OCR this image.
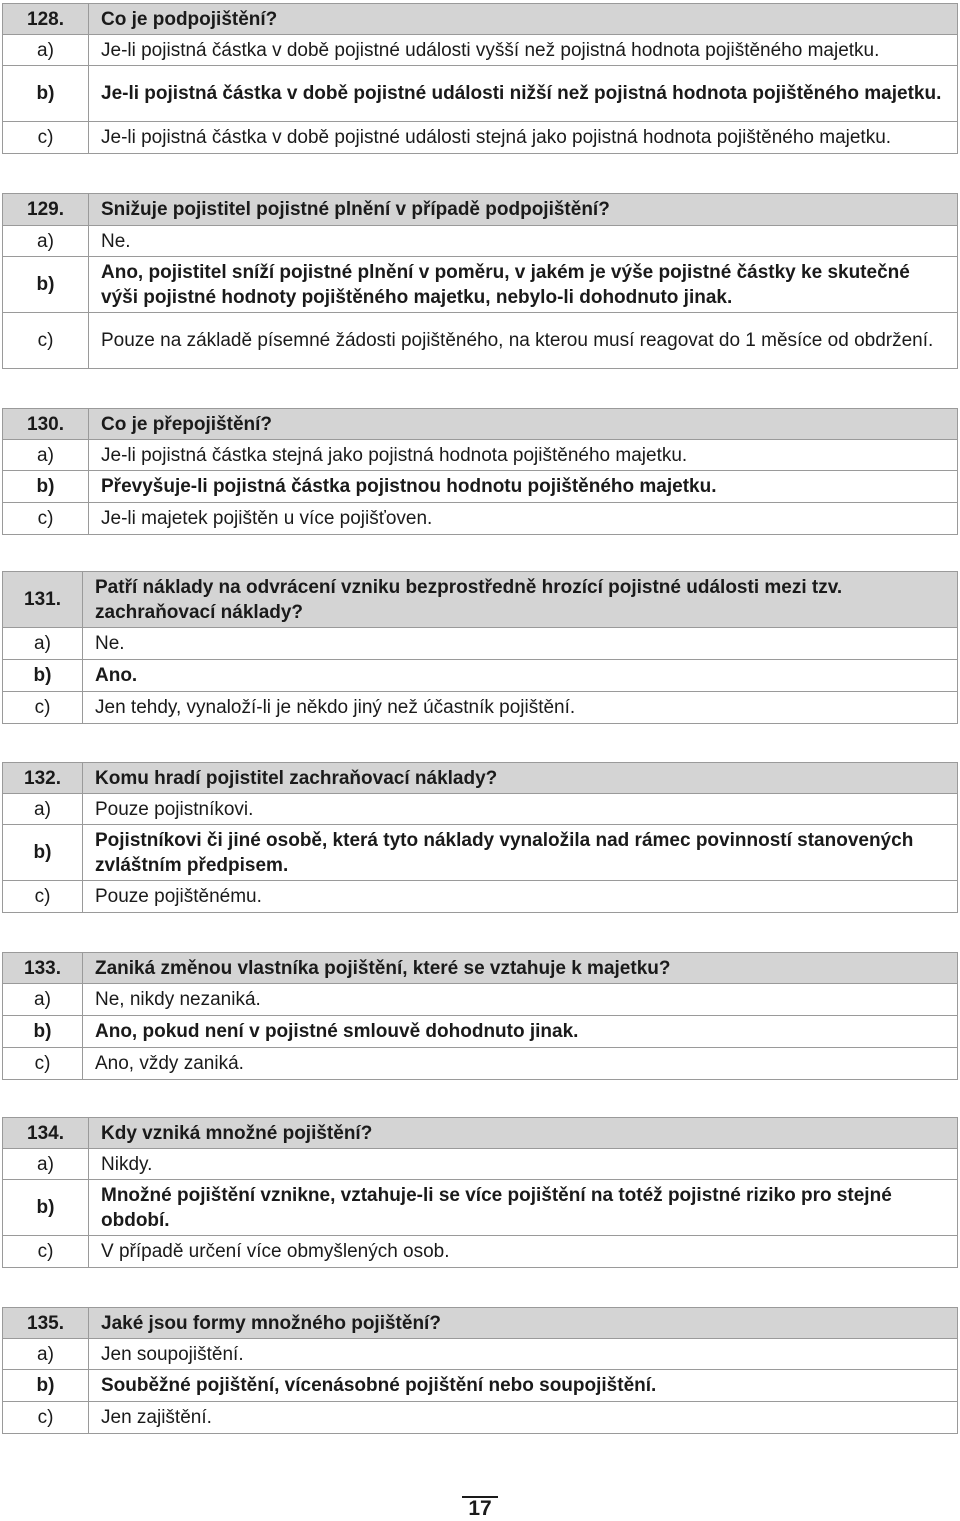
128.	Co je podpojištění?
a)	Je-li pojistná částka v době pojistné události vyšší než pojistná hodnota pojištěného majetku.
b)	Je-li pojistná částka v době pojistné události nižší než pojistná hodnota pojištěného majetku.
c)	Je-li pojistná částka v době pojistné události stejná jako pojistná hodnota pojištěného majetku.
129.	Snižuje pojistitel pojistné plnění v případě podpojištění?
a)	Ne.
b)	Ano, pojistitel sníží pojistné plnění v poměru, v jakém je výše pojistné částky ke skutečné výši pojistné hodnoty pojištěného majetku, nebylo-li dohodnuto jinak.
c)	Pouze na základě písemné žádosti pojištěného, na kterou musí reagovat do 1 měsíce od obdržení.
130.	Co je přepojištění?
a)	Je-li pojistná částka stejná jako pojistná hodnota pojištěného majetku.
b)	Převyšuje-li pojistná částka pojistnou hodnotu pojištěného majetku.
c)	Je-li majetek pojištěn u více pojišťoven.
131.	Patří náklady na odvrácení vzniku bezprostředně hrozící pojistné události mezi tzv. zachraňovací náklady?
a)	Ne.
b)	Ano.
c)	Jen tehdy, vynaloží-li je někdo jiný než účastník pojištění.
132.	Komu hradí pojistitel zachraňovací náklady?
a)	Pouze pojistníkovi.
b)	Pojistníkovi či jiné osobě, která tyto náklady vynaložila nad rámec povinností stanovených zvláštním předpisem.
c)	Pouze pojištěnému.
133.	Zaniká změnou vlastníka pojištění, které se vztahuje k majetku?
a)	Ne, nikdy nezaniká.
b)	Ano, pokud není v pojistné smlouvě dohodnuto jinak.
c)	Ano, vždy zaniká.
134.	Kdy vzniká množné pojištění?
a)	Nikdy.
b)	Množné pojištění vznikne, vztahuje-li se více pojištění na totéž pojistné riziko pro stejné období.
c)	V případě určení více obmyšlených osob.
135.	Jaké jsou formy množného pojištění?
a)	Jen soupojištění.
b)	Souběžné pojištění, vícenásobné pojištění nebo soupojištění.
c)	Jen zajištění.
17
